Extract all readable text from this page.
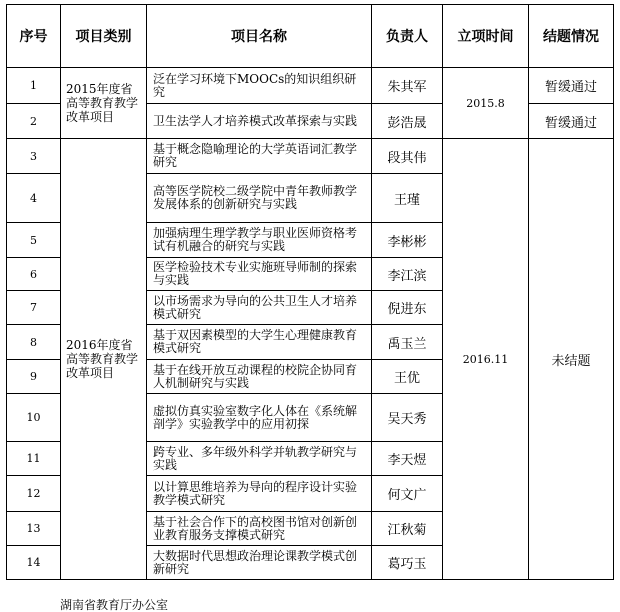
序号	项目类别	项目名称	负责人	立项时间	结题情况
1	2015年度省高等教育教学改革项目	泛在学习环境下MOOCs的知识组织研究	朱其军	2015.8	暂缓通过
2		卫生法学人才培养模式改革探索与实践	彭浩晟		暂缓通过
3	2016年度省高等教育教学改革项目	基于概念隐喻理论的大学英语词汇教学研究	段其伟	2016.11	未结题
4		高等医学院校二级学院中青年教师教学发展体系的创新研究与实践	王瑾		
5		加强病理生理学教学与职业医师资格考试有机融合的研究与实践	李彬彬		
6		医学检验技术专业实施班导师制的探索与实践	李江滨		
7		以市场需求为导向的公共卫生人才培养模式研究	倪进东		
8		基于双因素模型的大学生心理健康教育模式研究	禹玉兰		
9		基于在线开放互动课程的校院企协同育人机制研究与实践	王优		
10		虚拟仿真实验室数字化人体在《系统解剖学》实验教学中的应用初探	吴天秀		
11		跨专业、多年级外科学并轨教学研究与实践	李天煜		
12		以计算思维培养为导向的程序设计实验教学模式研究	何文广		
13		基于社会合作下的高校图书馆对创新创业教育服务支撑模式研究	江秋菊		
14		大数据时代思想政治理论课教学模式创新研究	葛巧玉		
湖南省教育厅办公室
